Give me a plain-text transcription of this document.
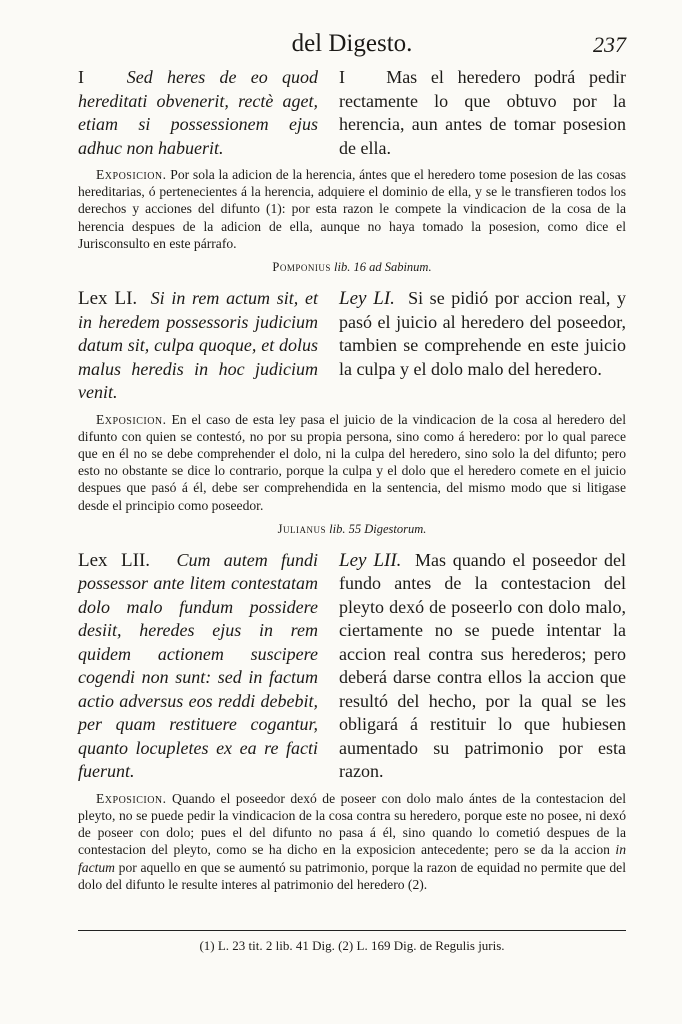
del Digesto.	237
I Sed heres de eo quod hereditati obvenerit, rectè aget, etiam si possessionem ejus adhuc non habuerit.
I Mas el heredero podrá pedir rectamente lo que obtuvo por la herencia, aun antes de tomar posesion de ella.
Exposicion. Por sola la adicion de la herencia, ántes que el heredero tome posesion de las cosas hereditarias, ó pertenecientes á la herencia, adquiere el dominio de ella, y se le transfieren todos los derechos y acciones del difunto (1): por esta razon le compete la vindicacion de la cosa de la herencia despues de la adicion de ella, aunque no haya tomado la posesion, como dice el Jurisconsulto en este párrafo.
Pomponius lib. 16 ad Sabinum.
Lex LI. Si in rem actum sit, et in heredem possessoris judicium datum sit, culpa quoque, et dolus malus heredis in hoc judicium venit.
Ley LI. Si se pidió por accion real, y pasó el juicio al heredero del poseedor, tambien se comprehende en este juicio la culpa y el dolo malo del heredero.
Exposicion. En el caso de esta ley pasa el juicio de la vindicacion de la cosa al heredero del difunto con quien se contestó, no por su propia persona, sino como á heredero: por lo qual parece que en él no se debe comprehender el dolo, ni la culpa del heredero, sino solo la del difunto; pero esto no obstante se dice lo contrario, porque la culpa y el dolo que el heredero comete en el juicio despues que pasó á él, debe ser comprehendida en la sentencia, del mismo modo que si litigase desde el principio como poseedor.
Julianus lib. 55 Digestorum.
Lex LII. Cum autem fundi possessor ante litem contestatam dolo malo fundum possidere desiit, heredes ejus in rem quidem actionem suscipere cogendi non sunt: sed in factum actio adversus eos reddi debebit, per quam restituere cogantur, quanto locupletes ex ea re facti fuerunt.
Ley LII. Mas quando el poseedor del fundo antes de la contestacion del pleyto dexó de poseerlo con dolo malo, ciertamente no se puede intentar la accion real contra sus herederos; pero deberá darse contra ellos la accion que resultó del hecho, por la qual se les obligará á restituir lo que hubiesen aumentado su patrimonio por esta razon.
Exposicion. Quando el poseedor dexó de poseer con dolo malo ántes de la contestacion del pleyto, no se puede pedir la vindicacion de la cosa contra su heredero, porque este no posee, ni dexó de poseer con dolo; pues el del difunto no pasa á él, sino quando lo cometió despues de la contestacion del pleyto, como se ha dicho en la exposicion antecedente; pero se da la accion in factum por aquello en que se aumentó su patrimonio, porque la razon de equidad no permite que del dolo del difunto le resulte interes al patrimonio del heredero (2).
(1) L. 23 tit. 2 lib. 41 Dig. (2) L. 169 Dig. de Regulis juris.
